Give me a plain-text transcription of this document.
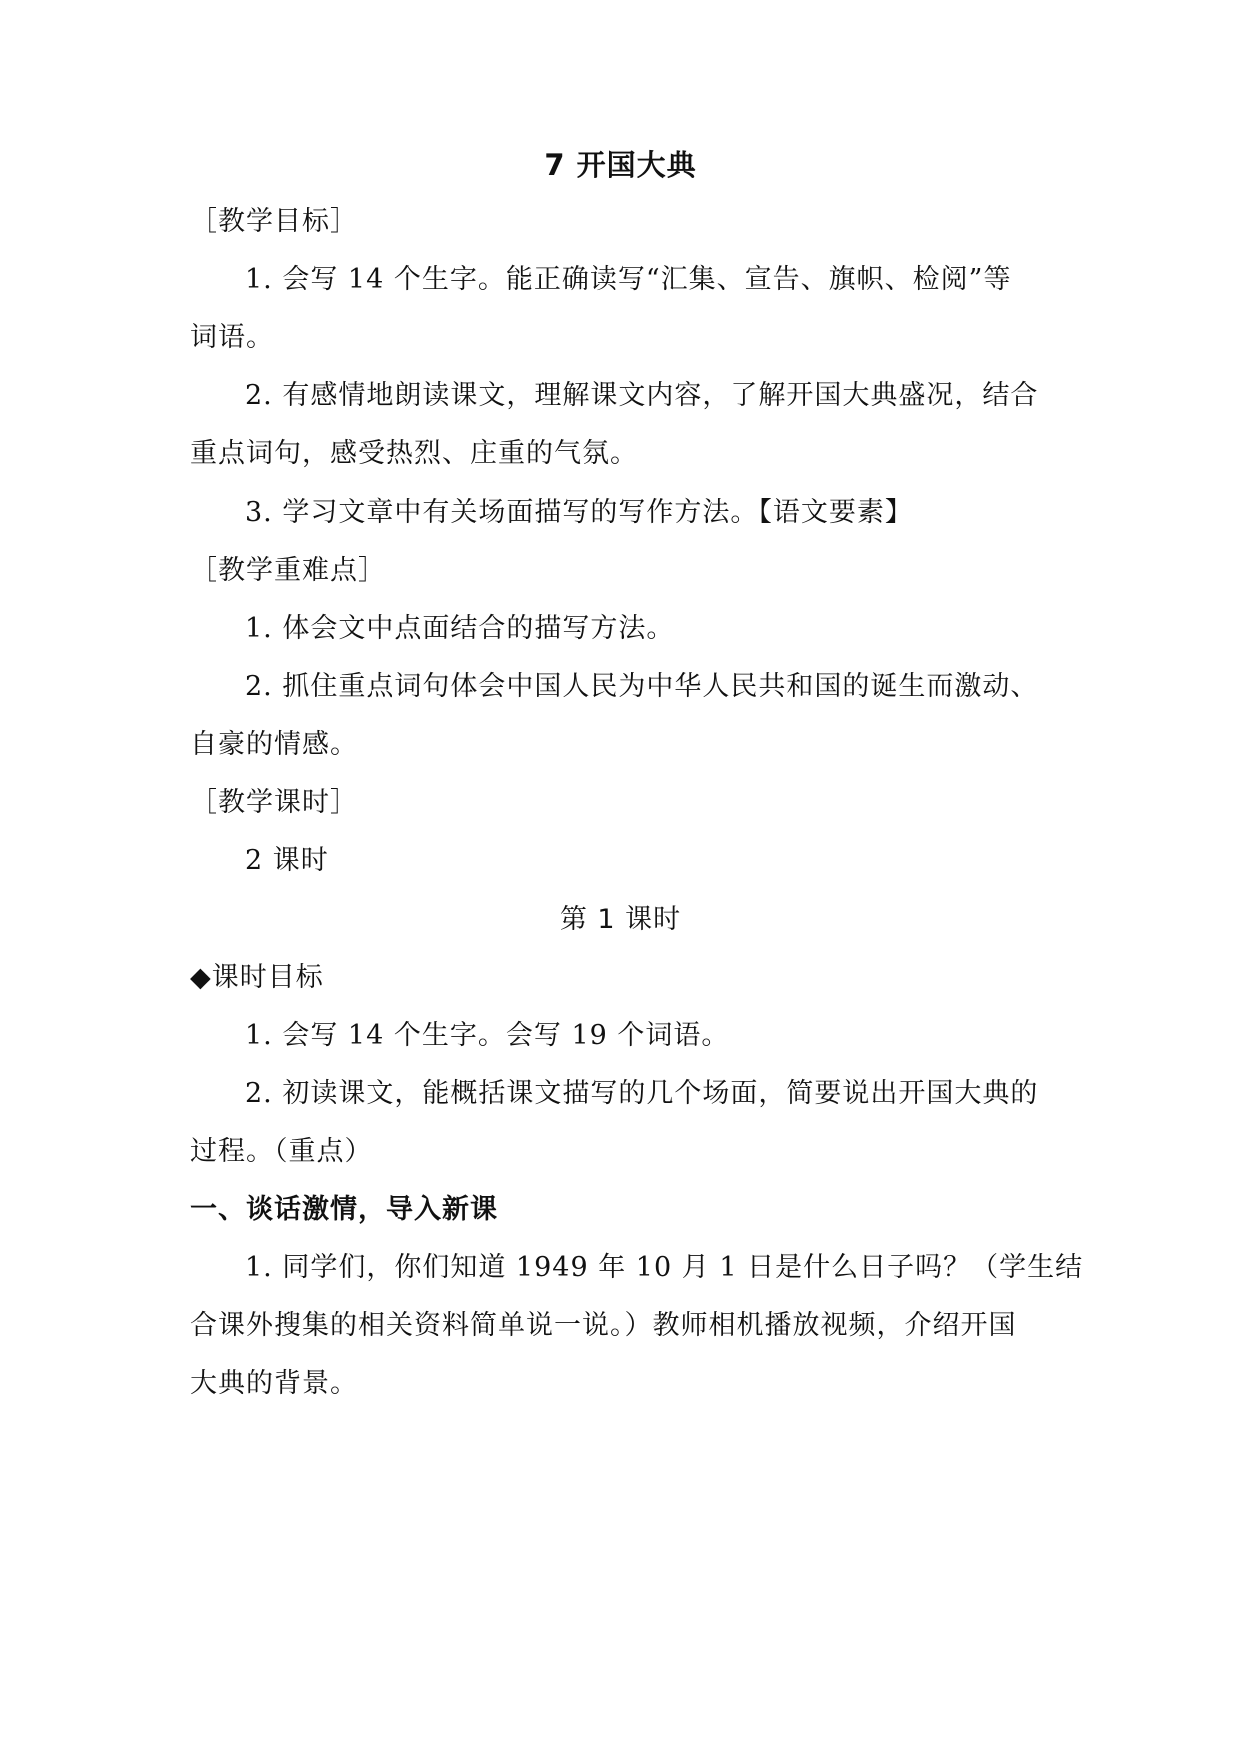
7 开国大典
［教学目标］
1. 会写 14 个生字。能正确读写“汇集、宣告、旗帜、检阅”等
词语。
2. 有感情地朗读课文，理解课文内容，了解开国大典盛况，结合
重点词句，感受热烈、庄重的气氛。
3. 学习文章中有关场面描写的写作方法。【语文要素】
［教学重难点］
1. 体会文中点面结合的描写方法。
2. 抓住重点词句体会中国人民为中华人民共和国的诞生而激动、
自豪的情感。
［教学课时］
2 课时
第 1 课时
◆课时目标
1. 会写 14 个生字。会写 19 个词语。
2. 初读课文，能概括课文描写的几个场面，简要说出开国大典的
过程。（重点）
一、谈话激情，导入新课
1. 同学们，你们知道 1949 年 10 月 1 日是什么日子吗？（学生结
合课外搜集的相关资料简单说一说。）教师相机播放视频，介绍开国
大典的背景。
